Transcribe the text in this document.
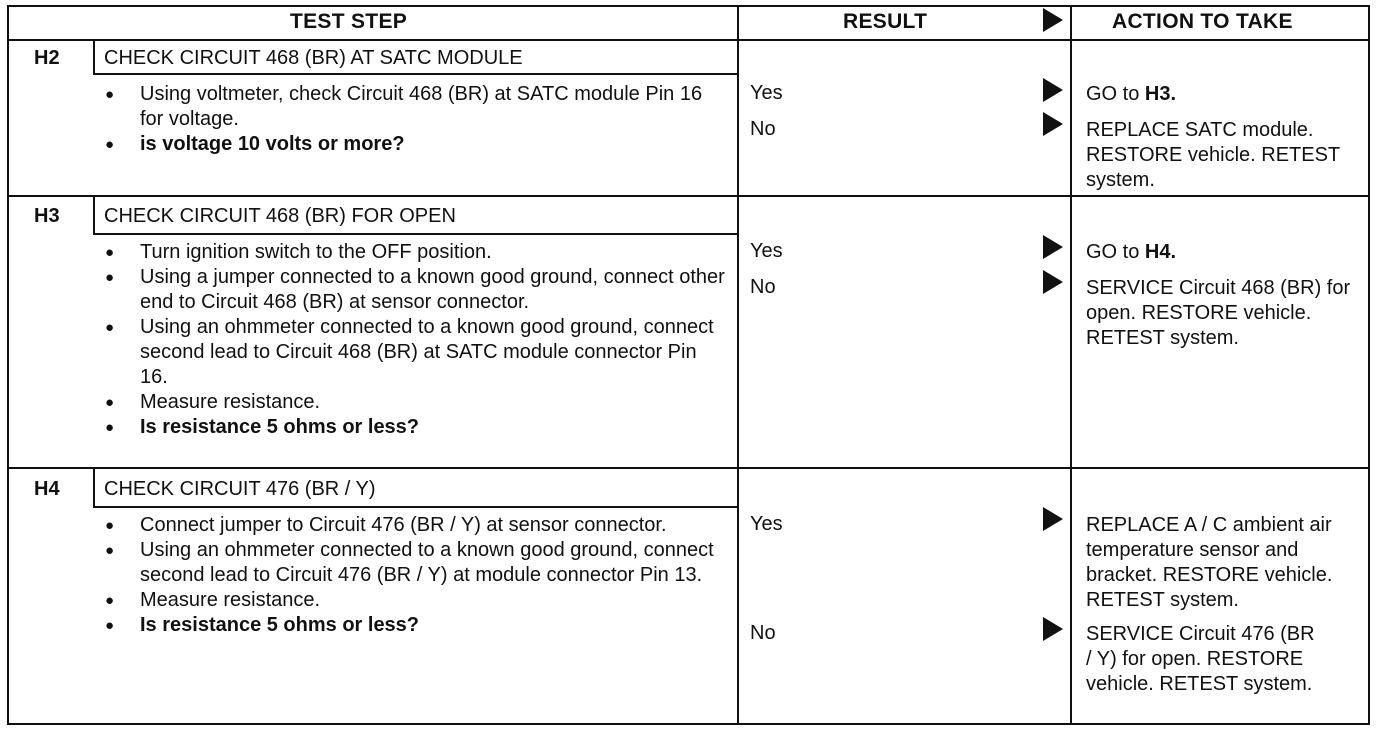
TEST STEP	RESULT	ACTION TO TAKE
H2 CHECK CIRCUIT 468 (BR) AT SATC MODULE
● Using voltmeter, check Circuit 468 (BR) at SATC module Pin 16 for voltage.
● is voltage 10 volts or more?
Yes	GO to H3.
No	REPLACE SATC module. RESTORE vehicle. RETEST system.
H3 CHECK CIRCUIT 468 (BR) FOR OPEN
● Turn ignition switch to the OFF position.
● Using a jumper connected to a known good ground, connect other end to Circuit 468 (BR) at sensor connector.
● Using an ohmmeter connected to a known good ground, connect second lead to Circuit 468 (BR) at SATC module connector Pin 16.
● Measure resistance.
● Is resistance 5 ohms or less?
Yes	GO to H4.
No	SERVICE Circuit 468 (BR) for open. RESTORE vehicle. RETEST system.
H4 CHECK CIRCUIT 476 (BR / Y)
● Connect jumper to Circuit 476 (BR / Y) at sensor connector.
● Using an ohmmeter connected to a known good ground, connect second lead to Circuit 476 (BR / Y) at module connector Pin 13.
● Measure resistance.
● Is resistance 5 ohms or less?
Yes	REPLACE A / C ambient air temperature sensor and bracket. RESTORE vehicle. RETEST system.
No	SERVICE Circuit 476 (BR / Y) for open. RESTORE vehicle. RETEST system.
